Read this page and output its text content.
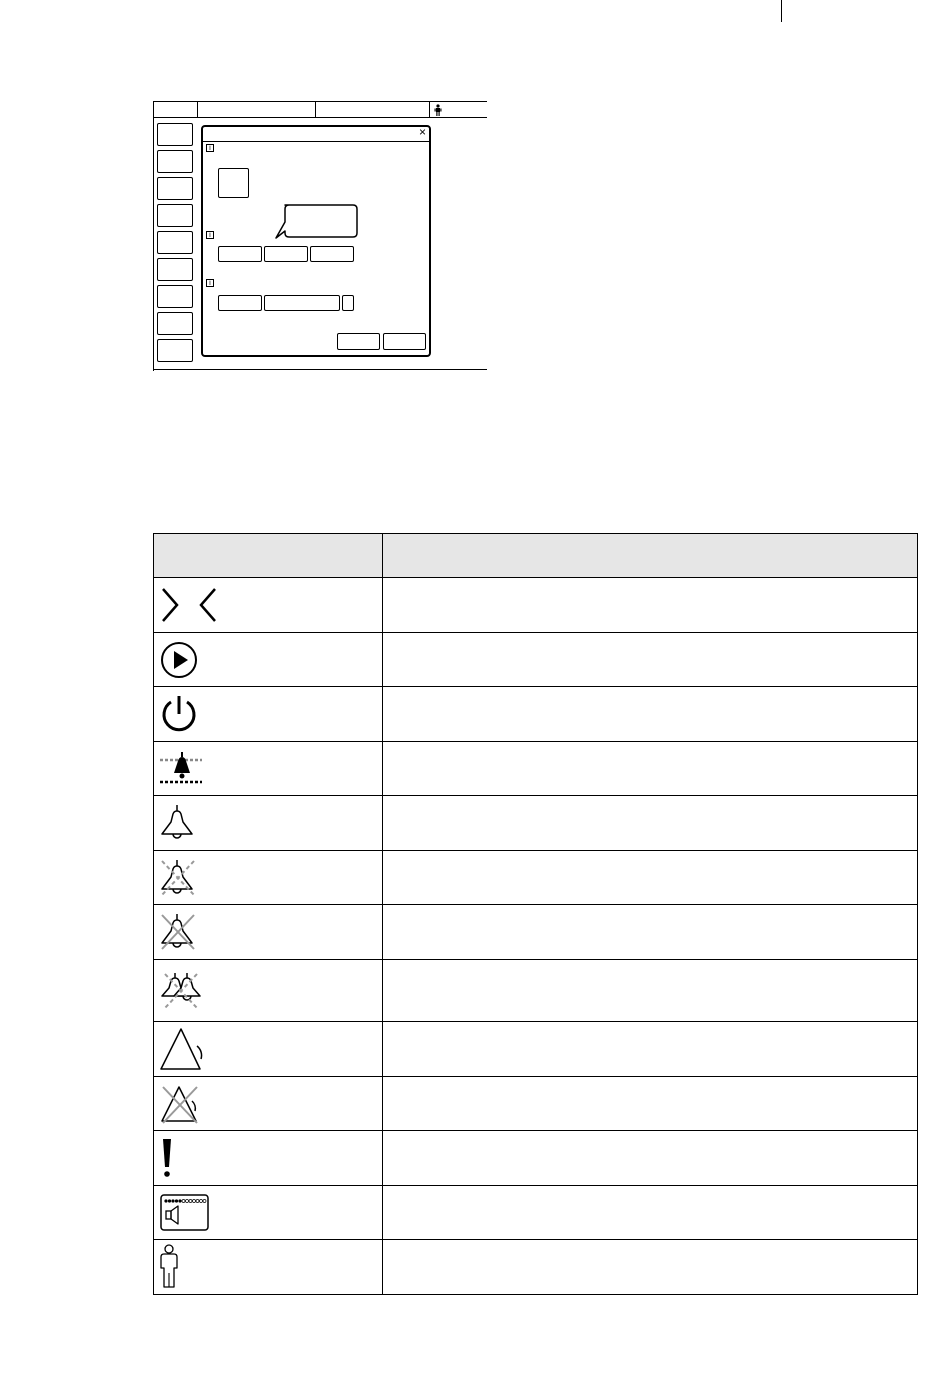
×
i
i
i
